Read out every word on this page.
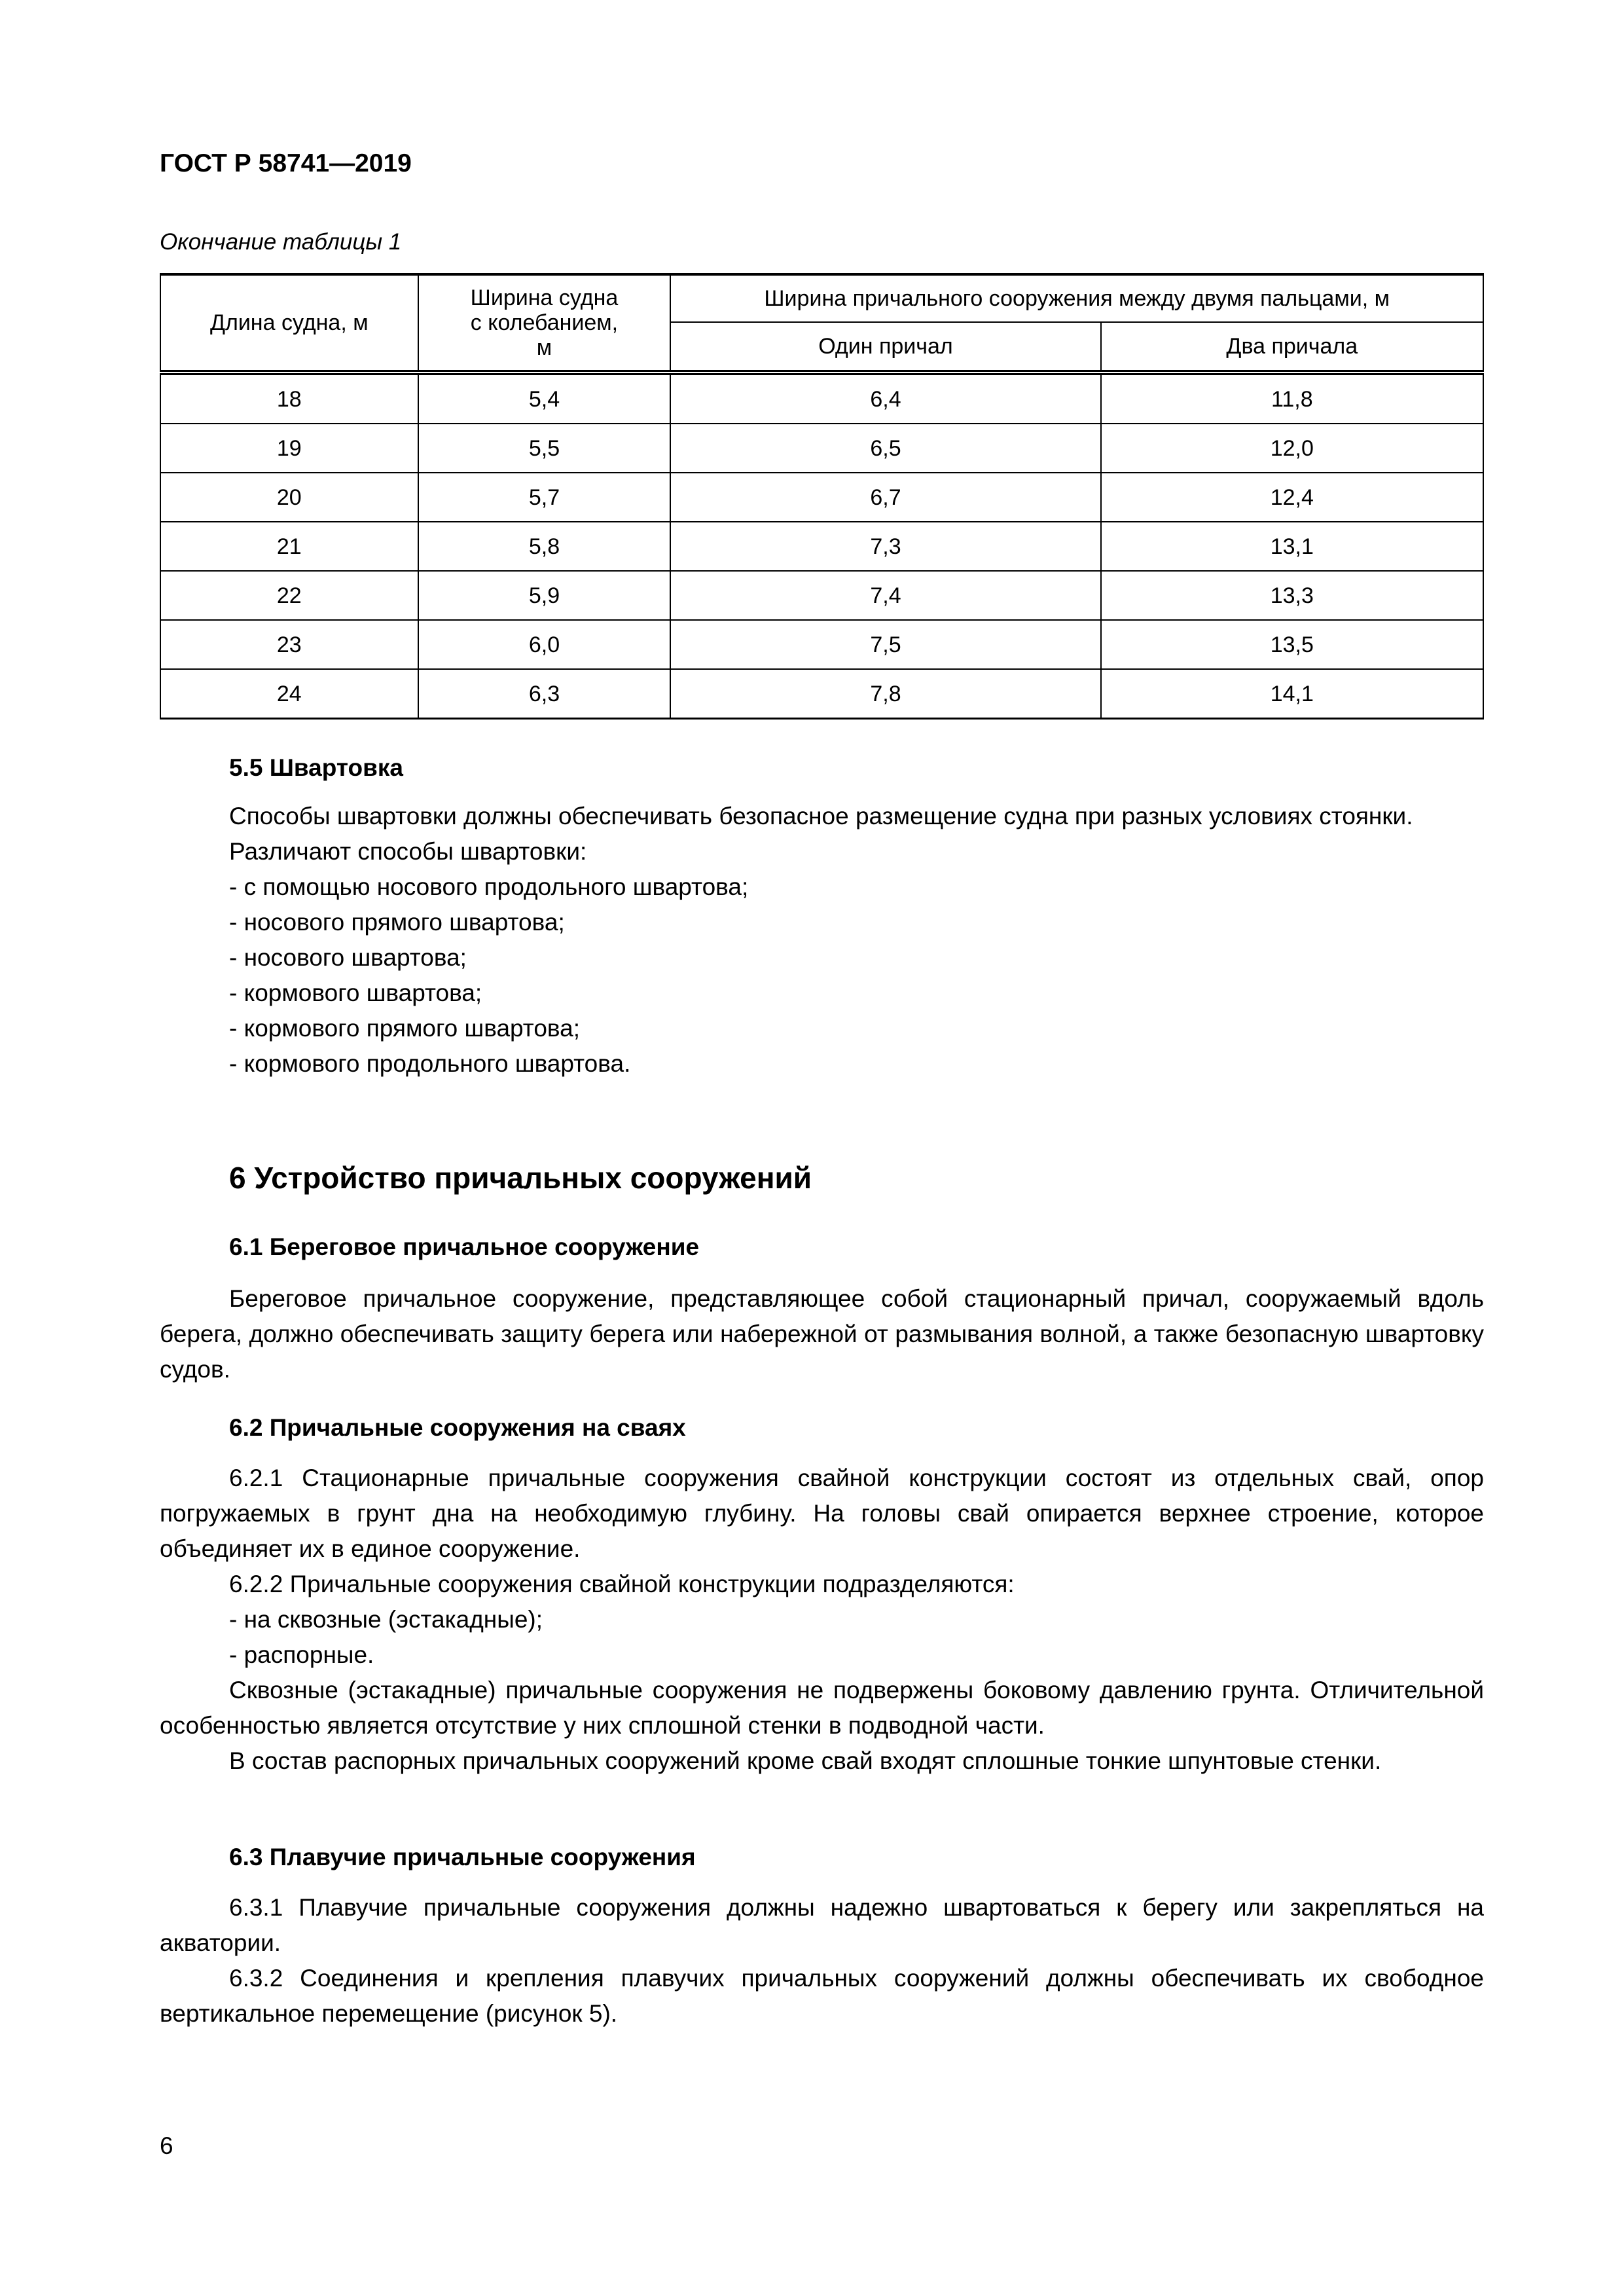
ГОСТ Р 58741—2019
Окончание таблицы 1
Длина судна, м	Ширина судна с колебанием, м	Ширина причального сооружения между двумя пальцами, м	
		Один причал	Два причала
18	5,4	6,4	11,8
19	5,5	6,5	12,0
20	5,7	6,7	12,4
21	5,8	7,3	13,1
22	5,9	7,4	13,3
23	6,0	7,5	13,5
24	6,3	7,8	14,1

5.5 Швартовка

Способы швартовки должны обеспечивать безопасное размещение судна при разных условиях стоянки.

Различают способы швартовки:

- с помощью носового продольного швартова;

- носового прямого швартова;

- носового швартова;

- кормового швартова;

- кормового прямого швартова;

- кормового продольного швартова.

6 Устройство причальных сооружений

6.1 Береговое причальное сооружение

Береговое причальное сооружение, представляющее собой стационарный причал, сооружаемый вдоль берега, должно обеспечивать защиту берега или набережной от размывания волной, а также безопасную швартовку судов.

6.2 Причальные сооружения на сваях

6.2.1 Стационарные причальные сооружения свайной конструкции состоят из отдельных свай, опор погружаемых в грунт дна на необходимую глубину. На головы свай опирается верхнее строение, которое объединяет их в единое сооружение.

6.2.2 Причальные сооружения свайной конструкции подразделяются:

- на сквозные (эстакадные);

- распорные.

Сквозные (эстакадные) причальные сооружения не подвержены боковому давлению грунта. Отличительной особенностью является отсутствие у них сплошной стенки в подводной части.

В состав распорных причальных сооружений кроме свай входят сплошные тонкие шпунтовые стенки.

6.3 Плавучие причальные сооружения

6.3.1 Плавучие причальные сооружения должны надежно швартоваться к берегу или закрепляться на акватории.

6.3.2 Соединения и крепления плавучих причальных сооружений должны обеспечивать их свободное вертикальное перемещение (рисунок 5).

6
